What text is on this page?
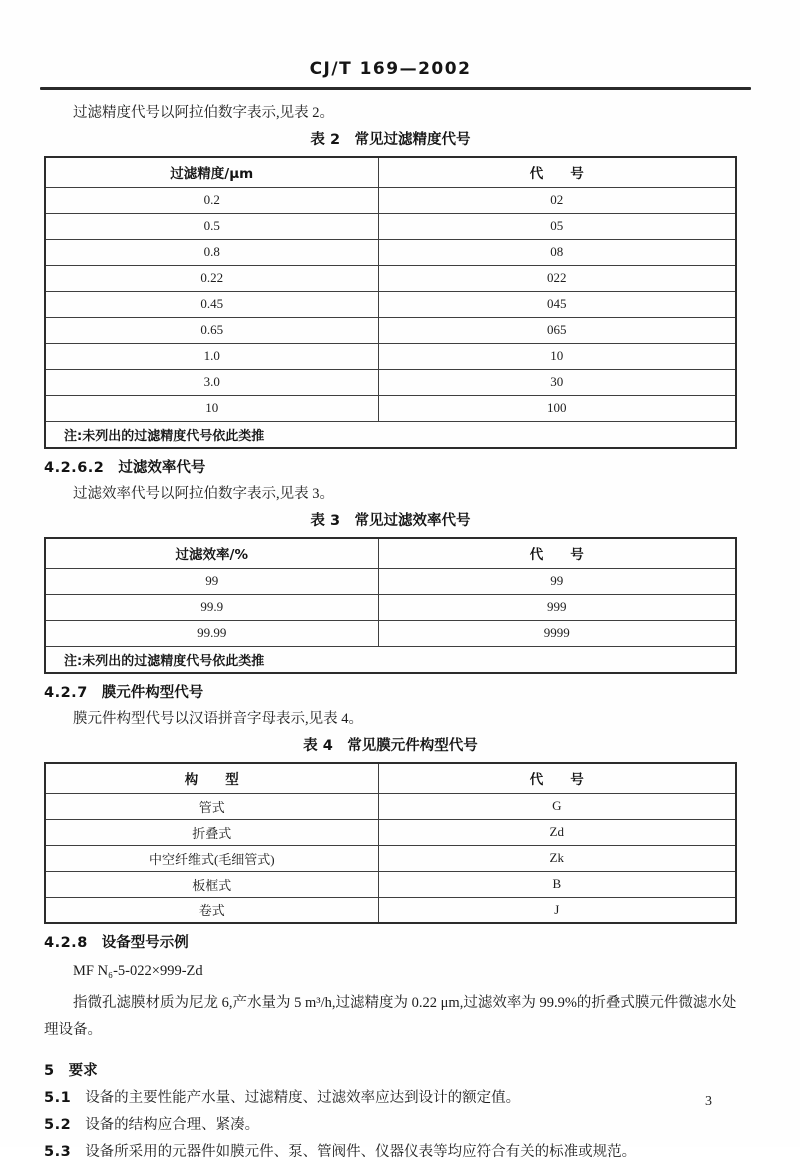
CJ/T 169—2002

过滤精度代号以阿拉伯数字表示,见表 2。

表 2　常见过滤精度代号
过滤精度/μm	代　　号
0.2	02
0.5	05
0.8	08
0.22	022
0.45	045
0.65	065
1.0	10
3.0	30
10	100
注:未列出的过滤精度代号依此类推	
4.2.6.2 过滤效率代号

过滤效率代号以阿拉伯数字表示,见表 3。

表 3　常见过滤效率代号
过滤效率/%	代　　号
99	99
99.9	999
99.99	9999
注:未列出的过滤精度代号依此类推	
4.2.7 膜元件构型代号

膜元件构型代号以汉语拼音字母表示,见表 4。

表 4　常见膜元件构型代号
构　　型	代　　号
管式	G
折叠式	Zd
中空纤维式(毛细管式)	Zk
板框式	B
卷式	J
4.2.8 设备型号示例
MF N₆-5-022×999-Zd

指微孔滤膜材质为尼龙 6,产水量为 5 m³/h,过滤精度为 0.22 μm,过滤效率为 99.9%的折叠式膜元件微滤水处理设备。

5 要求
5.1 设备的主要性能产水量、过滤精度、过滤效率应达到设计的额定值。
5.2 设备的结构应合理、紧凑。
5.3 设备所采用的元器件如膜元件、泵、管阀件、仪器仪表等均应符合有关的标准或规范。
3
